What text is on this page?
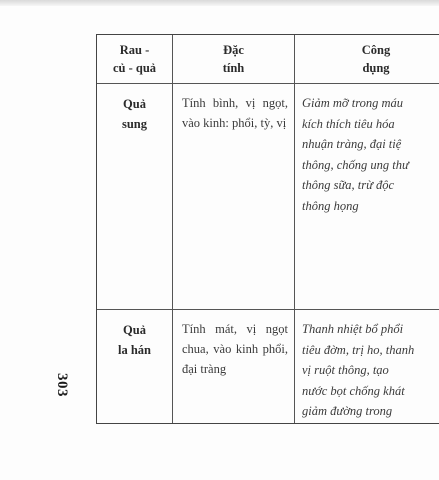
303
Rau -
củ - quả
Đặc
tính
Công
dụng
Quả
sung
Tính bình, vị ngọt, vào kinh: phổi, tỳ, vị
Giảm mỡ trong máu
kích thích tiêu hóa
nhuận tràng, đại tiệ
thông, chống ung thư
thông sữa, trừ độc
thông họng
Quả
la hán
Tính mát, vị ngọt chua, vào kinh phổi, đại tràng
Thanh nhiệt bổ phổi
tiêu đờm, trị ho, thanh
vị ruột thông, tạo
nước bọt chống khát
giảm đường trong
